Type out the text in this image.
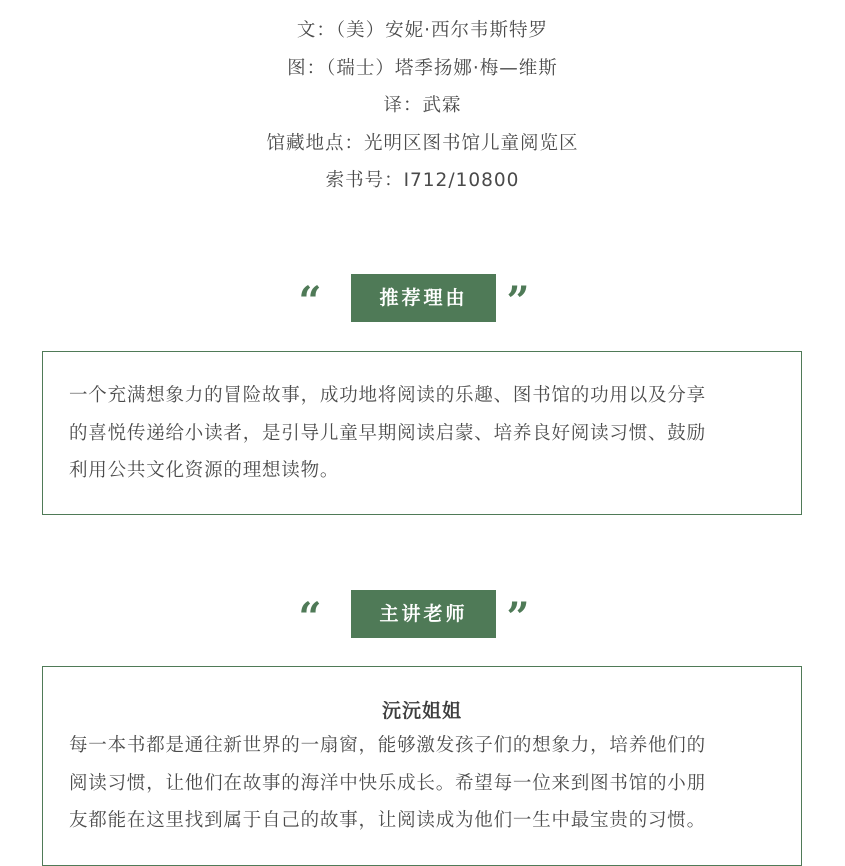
文：（美）安妮·西尔韦斯特罗
图：（瑞士）塔季扬娜·梅—维斯
译：武霖
馆藏地点：光明区图书馆儿童阅览区
索书号：I712/10800
“	推荐理由 ”
一个充满想象力的冒险故事，成功地将阅读的乐趣、图书馆的功用以及分享
的喜悦传递给小读者，是引导儿童早期阅读启蒙、培养良好阅读习惯、鼓励
利用公共文化资源的理想读物。
“	主讲老师 ”
沅沅姐姐
每一本书都是通往新世界的一扇窗，能够激发孩子们的想象力，培养他们的
阅读习惯，让他们在故事的海洋中快乐成长。希望每一位来到图书馆的小朋
友都能在这里找到属于自己的故事，让阅读成为他们一生中最宝贵的习惯。
